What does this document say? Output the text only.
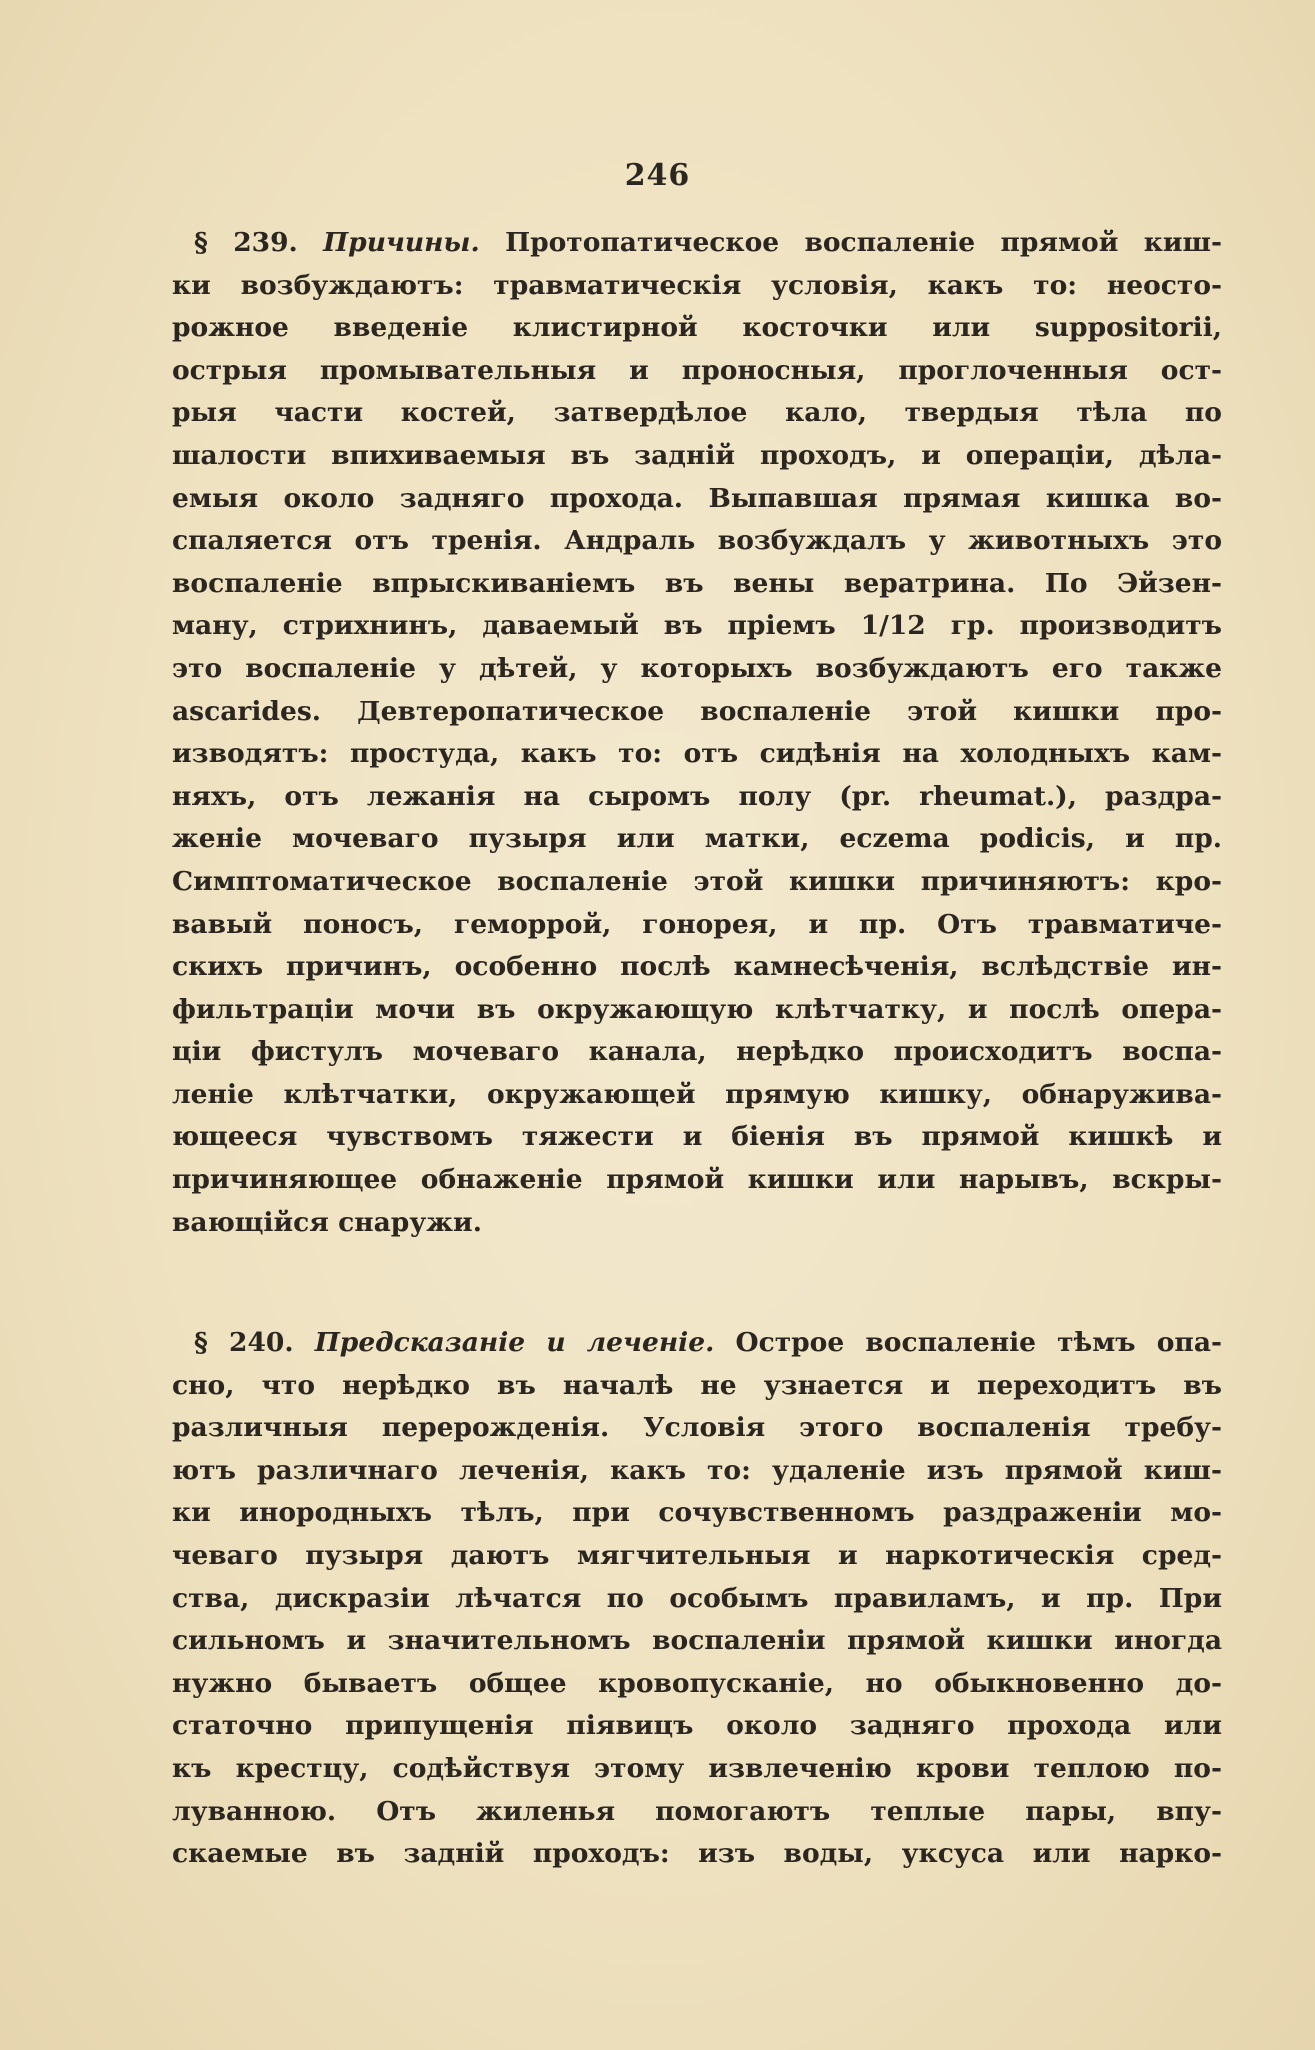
246
§ 239. Причины. Протопатическое воспаленіе прямой киш-
ки возбуждаютъ: травматическія условія, какъ то: неосто-
рожное введеніе клистирной косточки или suppositorii,
острыя промывательныя и проносныя, проглоченныя ост-
рыя части костей, затвердѣлое кало, твердыя тѣла по
шалости впихиваемыя въ задній проходъ, и операціи, дѣла-
емыя около задняго прохода. Выпавшая прямая кишка во-
спаляется отъ тренія. Андраль возбуждалъ у животныхъ это
воспаленіе впрыскиваніемъ въ вены вератрина. По Эйзен-
ману, стрихнинъ, даваемый въ пріемъ 1/12 гр. производитъ
это воспаленіе у дѣтей, у которыхъ возбуждаютъ его также
ascarides. Девтеропатическое воспаленіе этой кишки про-
изводятъ: простуда, какъ то: отъ сидѣнія на холодныхъ кам-
няхъ, отъ лежанія на сыромъ полу (pr. rheumat.), раздра-
женіе мочеваго пузыря или матки, eczema podicis, и пр.
Симптоматическое воспаленіе этой кишки причиняютъ: кро-
вавый поносъ, геморрой, гонорея, и пр. Отъ травматиче-
скихъ причинъ, особенно послѣ камнесѣченія, вслѣдствіе ин-
фильтраціи мочи въ окружающую клѣтчатку, и послѣ опера-
ціи фистулъ мочеваго канала, нерѣдко происходитъ воспа-
леніе клѣтчатки, окружающей прямую кишку, обнаружива-
ющееся чувствомъ тяжести и біенія въ прямой кишкѣ и
причиняющее обнаженіе прямой кишки или нарывъ, вскры-
вающійся снаружи.
§ 240. Предсказаніе и леченіе. Острое воспаленіе тѣмъ опа-
сно, что нерѣдко въ началѣ не узнается и переходитъ въ
различныя перерожденія. Условія этого воспаленія требу-
ютъ различнаго леченія, какъ то: удаленіе изъ прямой киш-
ки инородныхъ тѣлъ, при сочувственномъ раздраженіи мо-
чеваго пузыря даютъ мягчительныя и наркотическія сред-
ства, дискразіи лѣчатся по особымъ правиламъ, и пр. При
сильномъ и значительномъ воспаленіи прямой кишки иногда
нужно бываетъ общее кровопусканіе, но обыкновенно до-
статочно припущенія піявицъ около задняго прохода или
къ крестцу, содѣйствуя этому извлеченію крови теплою по-
луванною. Отъ жиленья помогаютъ теплые пары, впу-
скаемые въ задній проходъ: изъ воды, уксуса или нарко-
